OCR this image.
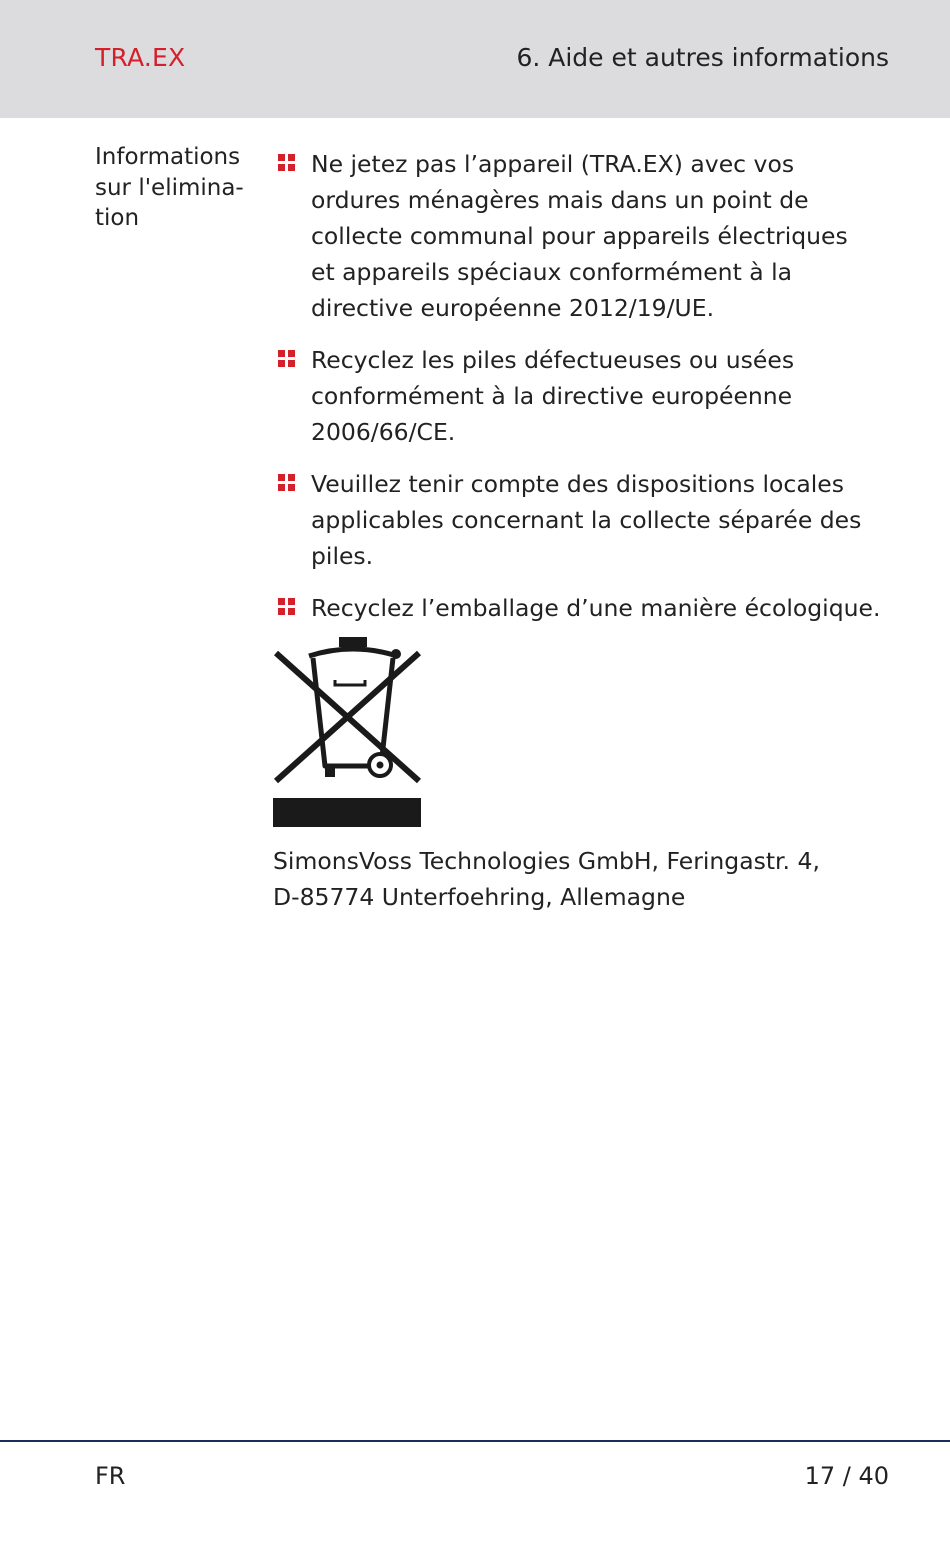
TRA.EX	6. Aide et autres informations
Informations
sur l'elimina-
tion
Ne jetez pas l’appareil (TRA.EX) avec vos
ordures ménagères mais dans un point de
collecte communal pour appareils électriques
et appareils spéciaux conformément à la
directive européenne 2012/19/UE.
Recyclez les piles défectueuses ou usées
conformément à la directive européenne
2006/66/CE.
Veuillez tenir compte des dispositions locales
applicables concernant la collecte séparée des
piles.
Recyclez l’emballage d’une manière écologique.
SimonsVoss Technologies GmbH, Feringastr. 4,
D-85774 Unterfoehring, Allemagne
FR	17 / 40
